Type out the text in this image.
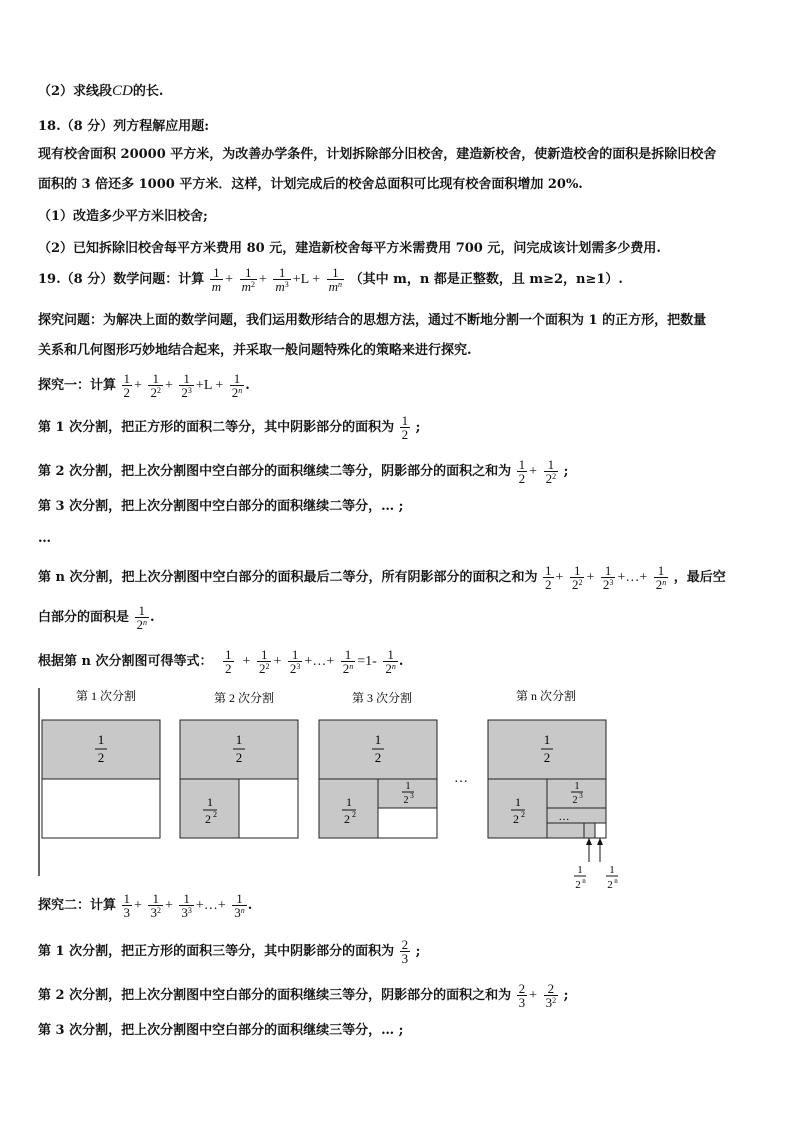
（2）求线段CD的长.
18.（8 分）列方程解应用题:
现有校舍面积 20000 平方米，为改善办学条件，计划拆除部分旧校舍，建造新校舍，使新造校舍的面积是拆除旧校舍
面积的 3 倍还多 1000 平方米．这样，计划完成后的校舍总面积可比现有校舍面积增加 20%.
（1）改造多少平方米旧校舍;
（2）已知拆除旧校舍每平方米费用 80 元，建造新校舍每平方米需费用 700 元，问完成该计划需多少费用.
19.（8 分）数学问题：计算 $\frac{1}{m} + \frac{1}{m^2} + \frac{1}{m^3} +L + \frac{1}{m^n}$ （其中 m，n 都是正整数，且 m≥2，n≥1）.
探究问题：为解决上面的数学问题，我们运用数形结合的思想方法，通过不断地分割一个面积为 1 的正方形，把数量
关系和几何图形巧妙地结合起来，并采取一般问题特殊化的策略来进行探究.
探究一：计算 $\frac{1}{2} + \frac{1}{2^2} + \frac{1}{2^3} +L + \frac{1}{2^n}$ .
第 1 次分割，把正方形的面积二等分，其中阴影部分的面积为 $\frac{1}{2}$ ;
第 2 次分割，把上次分割图中空白部分的面积继续二等分，阴影部分的面积之和为 $\frac{1}{2} + \frac{1}{2^2}$ ;
第 3 次分割，把上次分割图中空白部分的面积继续二等分，… ;
…
第 n 次分割，把上次分割图中空白部分的面积最后二等分，所有阴影部分的面积之和为 $\frac{1}{2} + \frac{1}{2^2} + \frac{1}{2^3}$ +…+ $\frac{1}{2^n}$ ，最后空
白部分的面积是 $\frac{1}{2^n}$ .
根据第 n 次分割图可得等式： $\frac{1}{2} + \frac{1}{2^2} + \frac{1}{2^3}$ +…+ $\frac{1}{2^n} =1- \frac{1}{2^n}$ .
第 1 次分割	第 2 次分割	第 3 次分割	第 n 次分割
1
2
1
2
1
2 2
1
2
1
2 2
1
2 3
…
1
2
1
2 2
1
2 3
…
1
2 n
1
2 n
探究二：计算 $\frac{1}{3} + \frac{1}{3^2} + \frac{1}{3^3}$ +…+ $\frac{1}{3^n}$ .
第 1 次分割，把正方形的面积三等分，其中阴影部分的面积为 $\frac{2}{3}$ ;
第 2 次分割，把上次分割图中空白部分的面积继续三等分，阴影部分的面积之和为 $\frac{2}{3} + \frac{2}{3^2}$ ;
第 3 次分割，把上次分割图中空白部分的面积继续三等分，… ;
